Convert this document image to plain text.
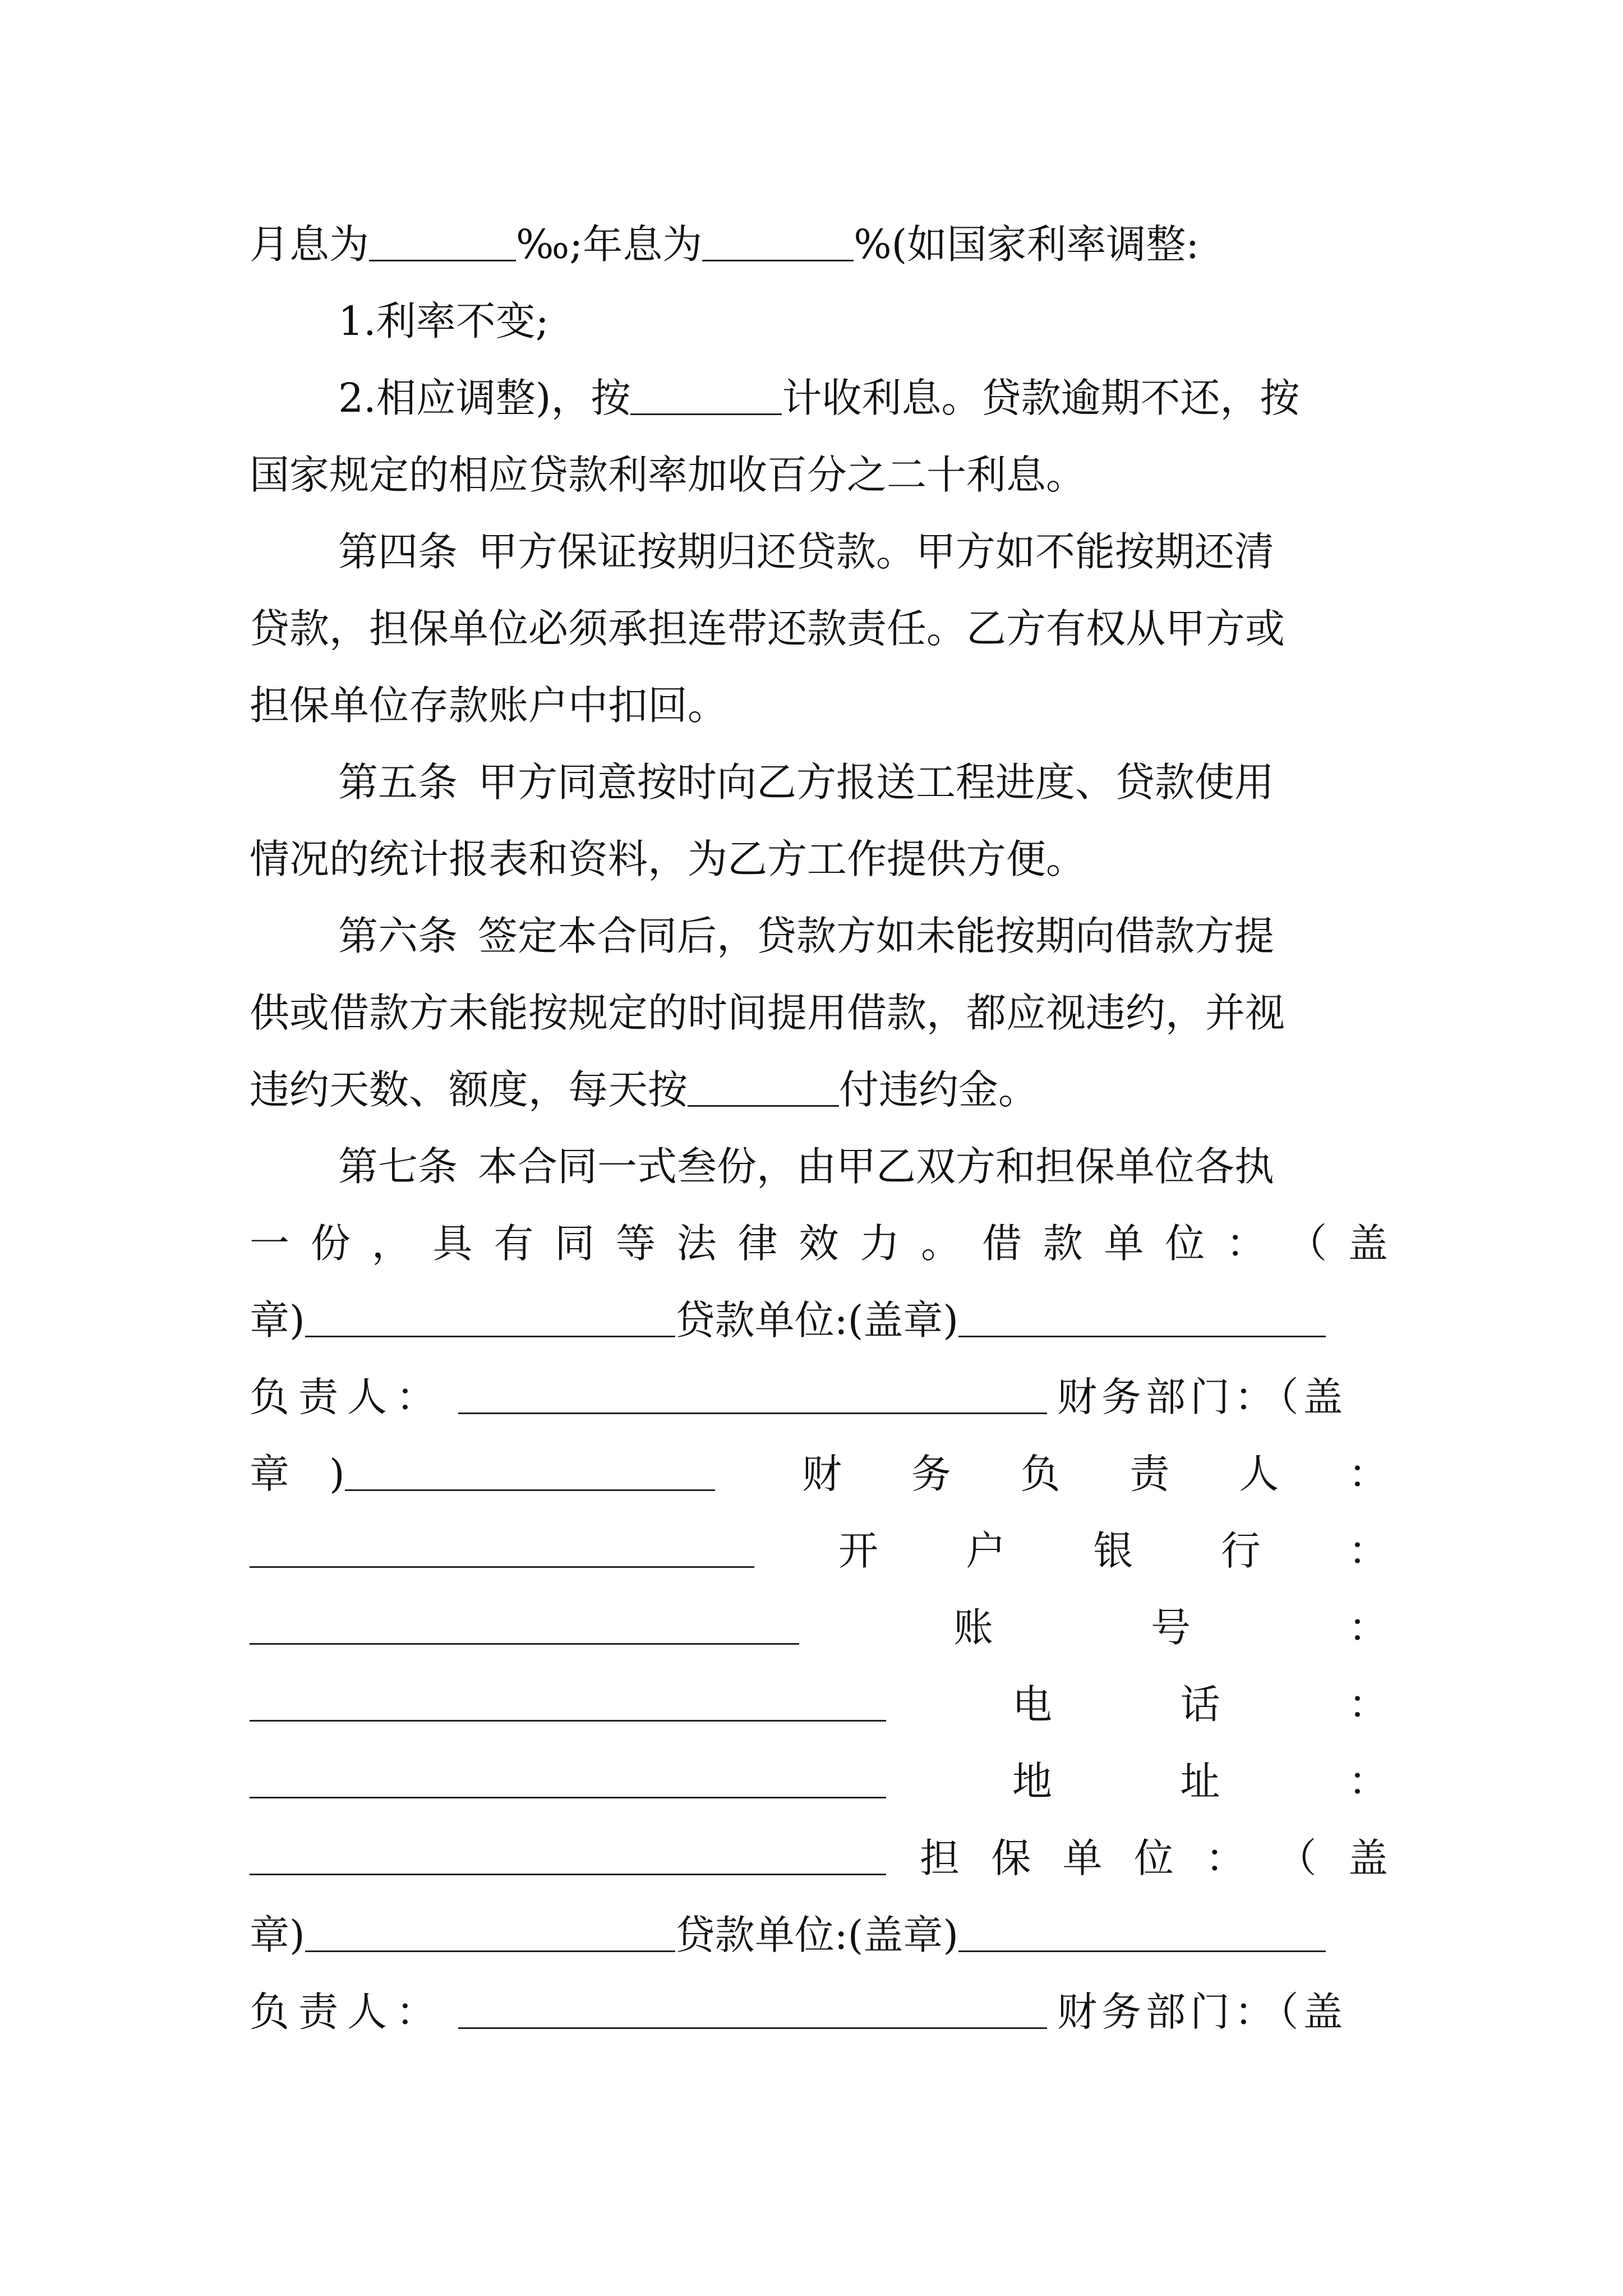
月息为	‰;年息为	%(如国家利率调整:
1.利率不变;
2.相应调整)，按	计收利息。贷款逾期不还，按
国家规定的相应贷款利率加收百分之二十利息。
第四条 甲方保证按期归还贷款。甲方如不能按期还清
贷款，担保单位必须承担连带还款责任。乙方有权从甲方或
担保单位存款账户中扣回。
第五条 甲方同意按时向乙方报送工程进度、贷款使用
情况的统计报表和资料，为乙方工作提供方便。
第六条 签定本合同后，贷款方如未能按期向借款方提
供或借款方未能按规定的时间提用借款，都应视违约，并视
违约天数、额度，每天按	付违约金。
第七条 本合同一式叁份，由甲乙双方和担保单位各执
一 份 ， 具 有 同 等 法 律 效 力 。 借 款 单 位 ： （ 盖
章)	贷款单位:(盖章)
负责人：	财务部门：（盖
章　)	财 务 负 责 人 ：
开 户 银 行 ：
账	号	：
电	话	：
地	址	：
担 保 单 位 ： （ 盖
章)	贷款单位:(盖章)
负责人：	财务部门：（盖
